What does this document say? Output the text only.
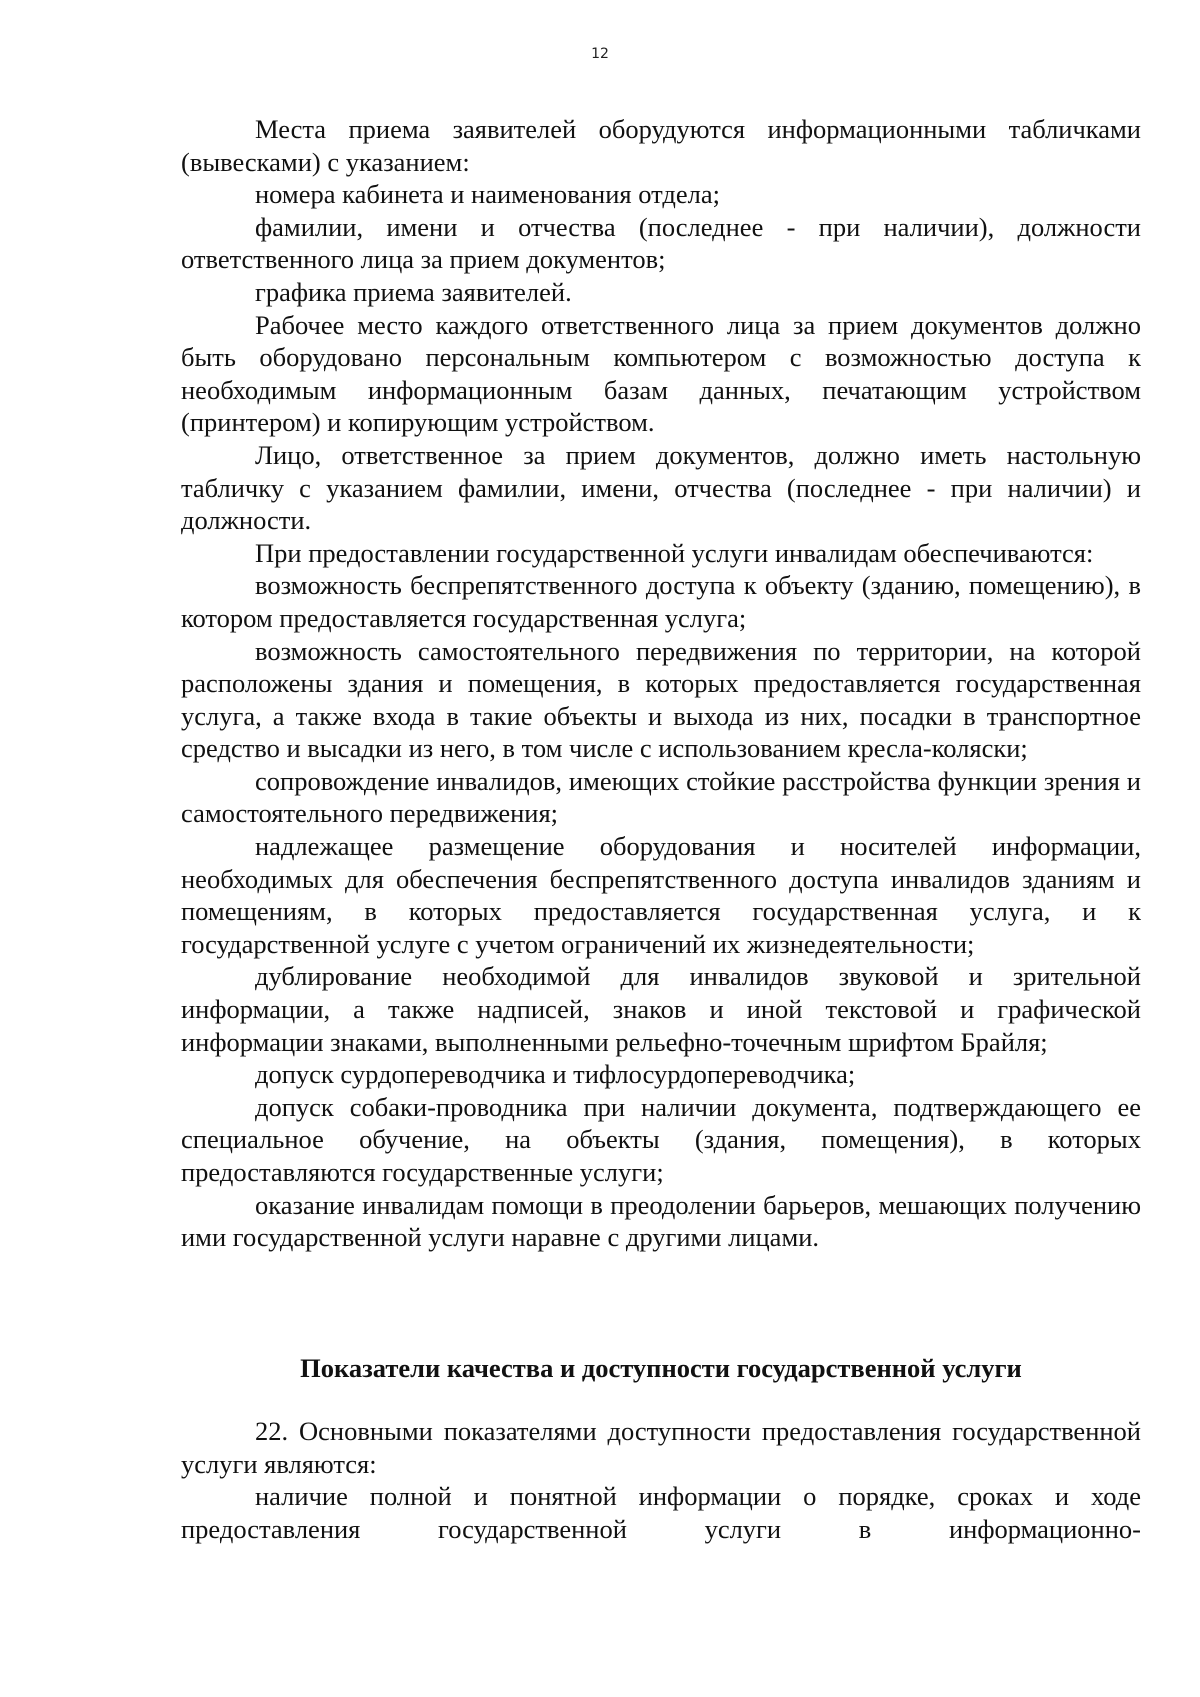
12

Места приема заявителей оборудуются информационными табличками (вывесками) с указанием:

номера кабинета и наименования отдела;

фамилии, имени и отчества (последнее - при наличии), должности ответственного лица за прием документов;

графика приема заявителей.

Рабочее место каждого ответственного лица за прием документов должно быть оборудовано персональным компьютером с возможностью доступа к необходимым информационным базам данных, печатающим устройством (принтером) и копирующим устройством.

Лицо, ответственное за прием документов, должно иметь настольную табличку с указанием фамилии, имени, отчества (последнее - при наличии) и должности.

При предоставлении государственной услуги инвалидам обеспечиваются:

возможность беспрепятственного доступа к объекту (зданию, помещению), в котором предоставляется государственная услуга;

возможность самостоятельного передвижения по территории, на которой расположены здания и помещения, в которых предоставляется государственная услуга, а также входа в такие объекты и выхода из них, посадки в транспортное средство и высадки из него, в том числе с использованием кресла-коляски;

сопровождение инвалидов, имеющих стойкие расстройства функции зрения и самостоятельного передвижения;

надлежащее размещение оборудования и носителей информации, необходимых для обеспечения беспрепятственного доступа инвалидов зданиям и помещениям, в которых предоставляется государственная услуга, и к государственной услуге с учетом ограничений их жизнедеятельности;

дублирование необходимой для инвалидов звуковой и зрительной информации, а также надписей, знаков и иной текстовой и графической информации знаками, выполненными рельефно-точечным шрифтом Брайля;

допуск сурдопереводчика и тифлосурдопереводчика;

допуск собаки-проводника при наличии документа, подтверждающего ее специальное обучение, на объекты (здания, помещения), в которых предоставляются государственные услуги;

оказание инвалидам помощи в преодолении барьеров, мешающих получению ими государственной услуги наравне с другими лицами.

Показатели качества и доступности государственной услуги

22. Основными показателями доступности предоставления государственной услуги являются:

наличие полной и понятной информации о порядке, сроках и ходе предоставления государственной услуги в информационно-
